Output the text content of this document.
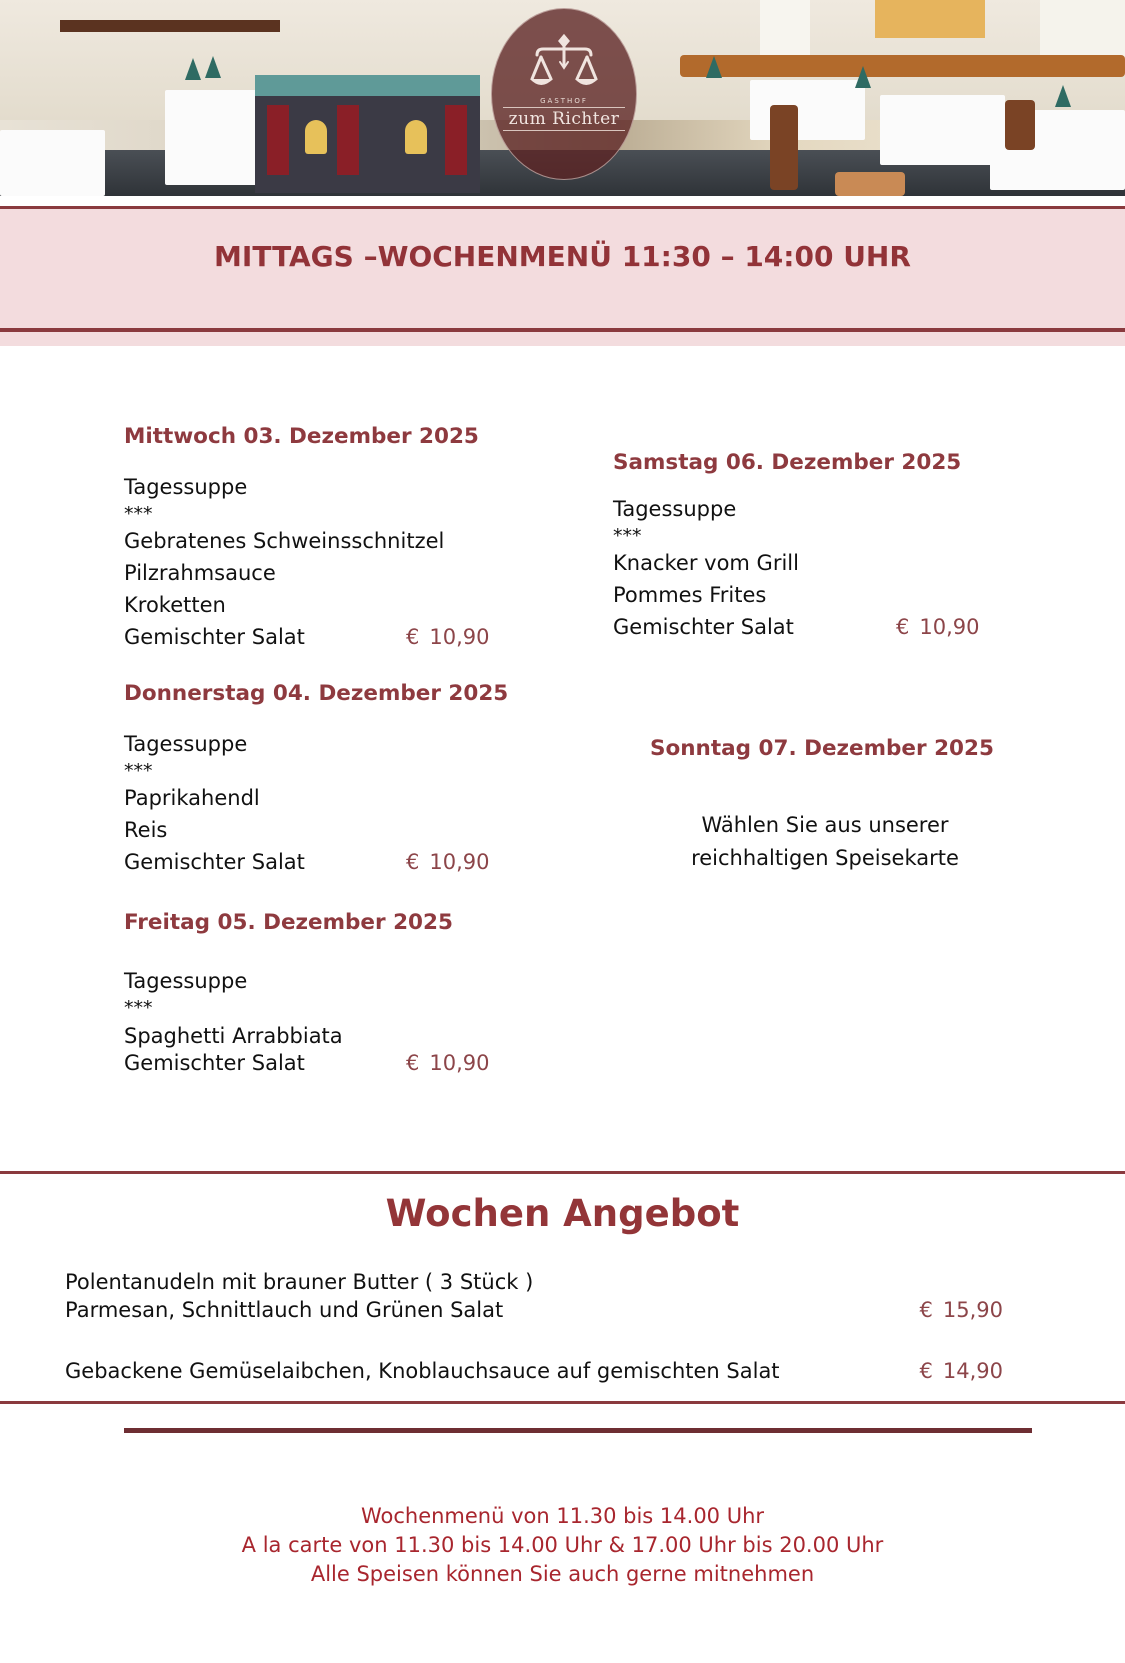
GASTHOF
zum Richter
MITTAGS –WOCHENMENÜ 11:30 – 14:00 UHR
Mittwoch 03. Dezember 2025
Tagessuppe
***
Gebratenes Schweinsschnitzel
Pilzrahmsauce
Kroketten
Gemischter Salat	€ 10,90
Donnerstag 04. Dezember 2025
Tagessuppe
***
Paprikahendl
Reis
Gemischter Salat	€ 10,90
Freitag 05. Dezember 2025
Tagessuppe
***
Spaghetti Arrabbiata
Gemischter Salat	€ 10,90
Samstag 06. Dezember 2025
Tagessuppe
***
Knacker vom Grill
Pommes Frites
Gemischter Salat	€ 10,90
Sonntag 07. Dezember 2025
Wählen Sie aus unserer
reichhaltigen Speisekarte
Wochen Angebot
Polentanudeln mit brauner Butter ( 3 Stück )
Parmesan, Schnittlauch und Grünen Salat	€ 15,90
Gebackene Gemüselaibchen, Knoblauchsauce auf gemischten Salat	€ 14,90
Wochenmenü von 11.30 bis 14.00 Uhr
A la carte von 11.30 bis 14.00 Uhr & 17.00 Uhr bis 20.00 Uhr
Alle Speisen können Sie auch gerne mitnehmen
